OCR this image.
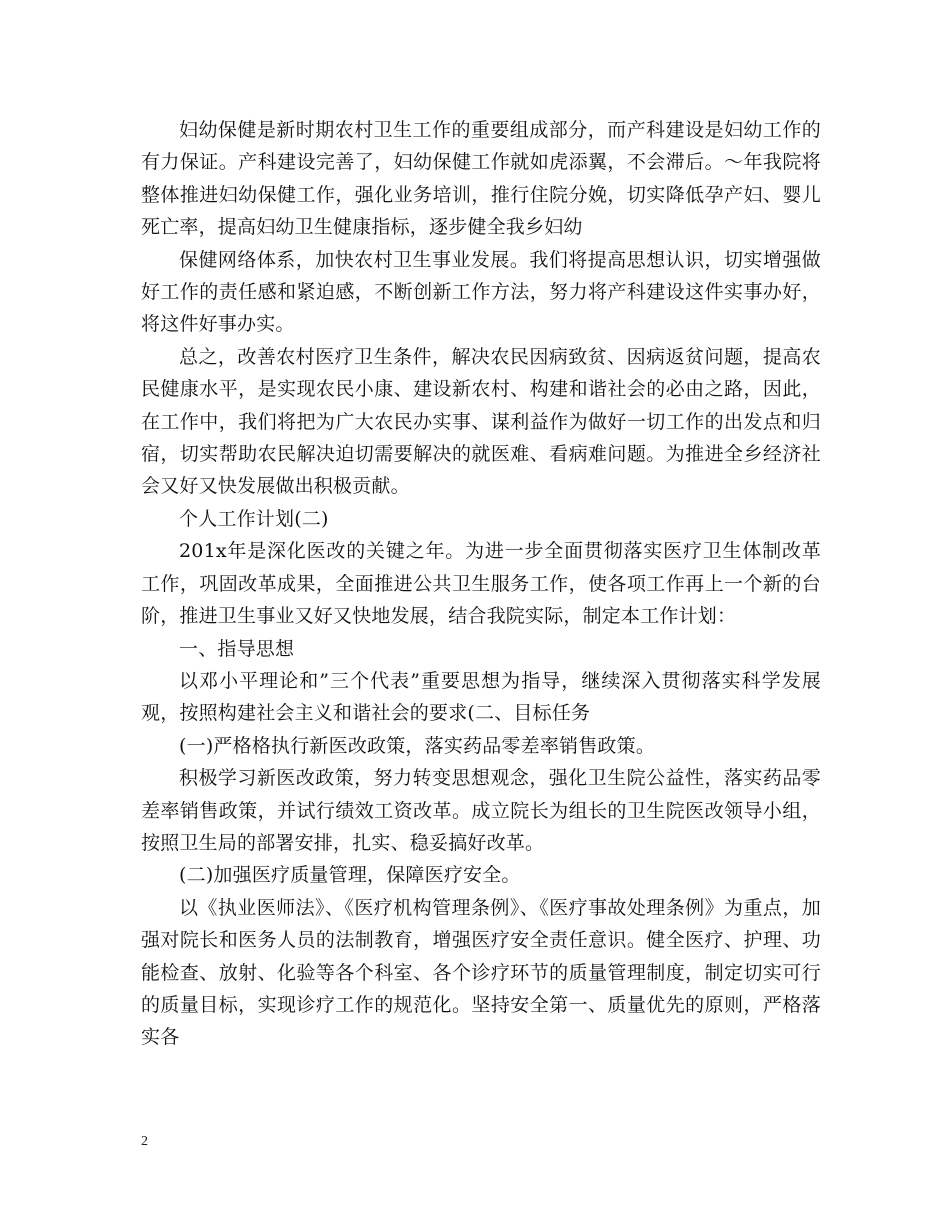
妇幼保健是新时期农村卫生工作的重要组成部分，而产科建设是妇幼工作的有力保证。产科建设完善了，妇幼保健工作就如虎添翼，不会滞后。～年我院将整体推进妇幼保健工作，强化业务培训，推行住院分娩，切实降低孕产妇、婴儿死亡率，提高妇幼卫生健康指标，逐步健全我乡妇幼

保健网络体系，加快农村卫生事业发展。我们将提高思想认识，切实增强做好工作的责任感和紧迫感，不断创新工作方法，努力将产科建设这件实事办好，将这件好事办实。

总之，改善农村医疗卫生条件，解决农民因病致贫、因病返贫问题，提高农民健康水平，是实现农民小康、建设新农村、构建和谐社会的必由之路，因此，在工作中，我们将把为广大农民办实事、谋利益作为做好一切工作的出发点和归宿，切实帮助农民解决迫切需要解决的就医难、看病难问题。为推进全乡经济社会又好又快发展做出积极贡献。

个人工作计划(二)

201x年是深化医改的关键之年。为进一步全面贯彻落实医疗卫生体制改革工作，巩固改革成果，全面推进公共卫生服务工作，使各项工作再上一个新的台阶，推进卫生事业又好又快地发展，结合我院实际，制定本工作计划：

一、指导思想

以邓小平理论和”三个代表”重要思想为指导，继续深入贯彻落实科学发展观，按照构建社会主义和谐社会的要求(二、目标任务

(一)严格格执行新医改政策，落实药品零差率销售政策。

积极学习新医改政策，努力转变思想观念，强化卫生院公益性，落实药品零差率销售政策，并试行绩效工资改革。成立院长为组长的卫生院医改领导小组，按照卫生局的部署安排，扎实、稳妥搞好改革。

(二)加强医疗质量管理，保障医疗安全。

以《执业医师法》、《医疗机构管理条例》、《医疗事故处理条例》为重点，加强对院长和医务人员的法制教育，增强医疗安全责任意识。健全医疗、护理、功能检查、放射、化验等各个科室、各个诊疗环节的质量管理制度，制定切实可行的质量目标，实现诊疗工作的规范化。坚持安全第一、质量优先的原则，严格落实各

2
